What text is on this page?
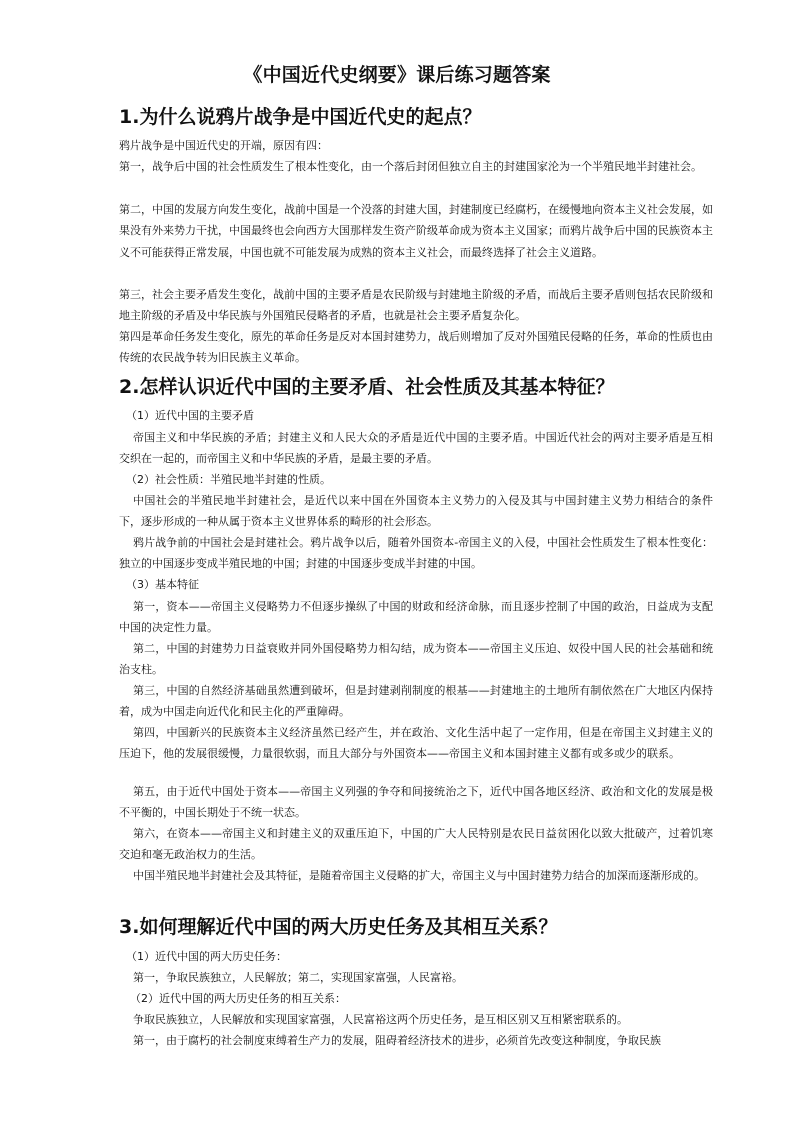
《中国近代史纲要》课后练习题答案
1.为什么说鸦片战争是中国近代史的起点？

鸦片战争是中国近代史的开端，原因有四：

第一，战争后中国的社会性质发生了根本性变化，由一个落后封闭但独立自主的封建国家沦为一个半殖民地半封建社会。

第二，中国的发展方向发生变化，战前中国是一个没落的封建大国，封建制度已经腐朽，在缓慢地向资本主义社会发展，如果没有外来势力干扰，中国最终也会向西方大国那样发生资产阶级革命成为资本主义国家；而鸦片战争后中国的民族资本主义不可能获得正常发展，中国也就不可能发展为成熟的资本主义社会，而最终选择了社会主义道路。

第三，社会主要矛盾发生变化，战前中国的主要矛盾是农民阶级与封建地主阶级的矛盾，而战后主要矛盾则包括农民阶级和地主阶级的矛盾及中华民族与外国殖民侵略者的矛盾，也就是社会主要矛盾复杂化。

第四是革命任务发生变化，原先的革命任务是反对本国封建势力，战后则增加了反对外国殖民侵略的任务，革命的性质也由传统的农民战争转为旧民族主义革命。

2.怎样认识近代中国的主要矛盾、社会性质及其基本特征？

（1）近代中国的主要矛盾

帝国主义和中华民族的矛盾；封建主义和人民大众的矛盾是近代中国的主要矛盾。中国近代社会的两对主要矛盾是互相交织在一起的，而帝国主义和中华民族的矛盾，是最主要的矛盾。

（2）社会性质：半殖民地半封建的性质。

中国社会的半殖民地半封建社会，是近代以来中国在外国资本主义势力的入侵及其与中国封建主义势力相结合的条件下，逐步形成的一种从属于资本主义世界体系的畸形的社会形态。

鸦片战争前的中国社会是封建社会。鸦片战争以后，随着外国资本-帝国主义的入侵，中国社会性质发生了根本性变化：独立的中国逐步变成半殖民地的中国；封建的中国逐步变成半封建的中国。

（3）基本特征

第一，资本——帝国主义侵略势力不但逐步操纵了中国的财政和经济命脉，而且逐步控制了中国的政治，日益成为支配中国的决定性力量。

第二，中国的封建势力日益衰败并同外国侵略势力相勾结，成为资本——帝国主义压迫、奴役中国人民的社会基础和统治支柱。

第三，中国的自然经济基础虽然遭到破坏，但是封建剥削制度的根基——封建地主的土地所有制依然在广大地区内保持着，成为中国走向近代化和民主化的严重障碍。

第四，中国新兴的民族资本主义经济虽然已经产生，并在政治、文化生活中起了一定作用，但是在帝国主义封建主义的压迫下，他的发展很缓慢，力量很软弱，而且大部分与外国资本——帝国主义和本国封建主义都有或多或少的联系。

第五，由于近代中国处于资本——帝国主义列强的争夺和间接统治之下，近代中国各地区经济、政治和文化的发展是极不平衡的，中国长期处于不统一状态。

第六，在资本——帝国主义和封建主义的双重压迫下，中国的广大人民特别是农民日益贫困化以致大批破产，过着饥寒交迫和毫无政治权力的生活。

中国半殖民地半封建社会及其特征，是随着帝国主义侵略的扩大，帝国主义与中国封建势力结合的加深而逐渐形成的。

3.如何理解近代中国的两大历史任务及其相互关系？

（1）近代中国的两大历史任务：

第一，争取民族独立，人民解放；第二，实现国家富强，人民富裕。

（2）近代中国的两大历史任务的相互关系：

争取民族独立，人民解放和实现国家富强，人民富裕这两个历史任务，是互相区别又互相紧密联系的。

第一，由于腐朽的社会制度束缚着生产力的发展，阻碍着经济技术的进步，必须首先改变这种制度，争取民族
